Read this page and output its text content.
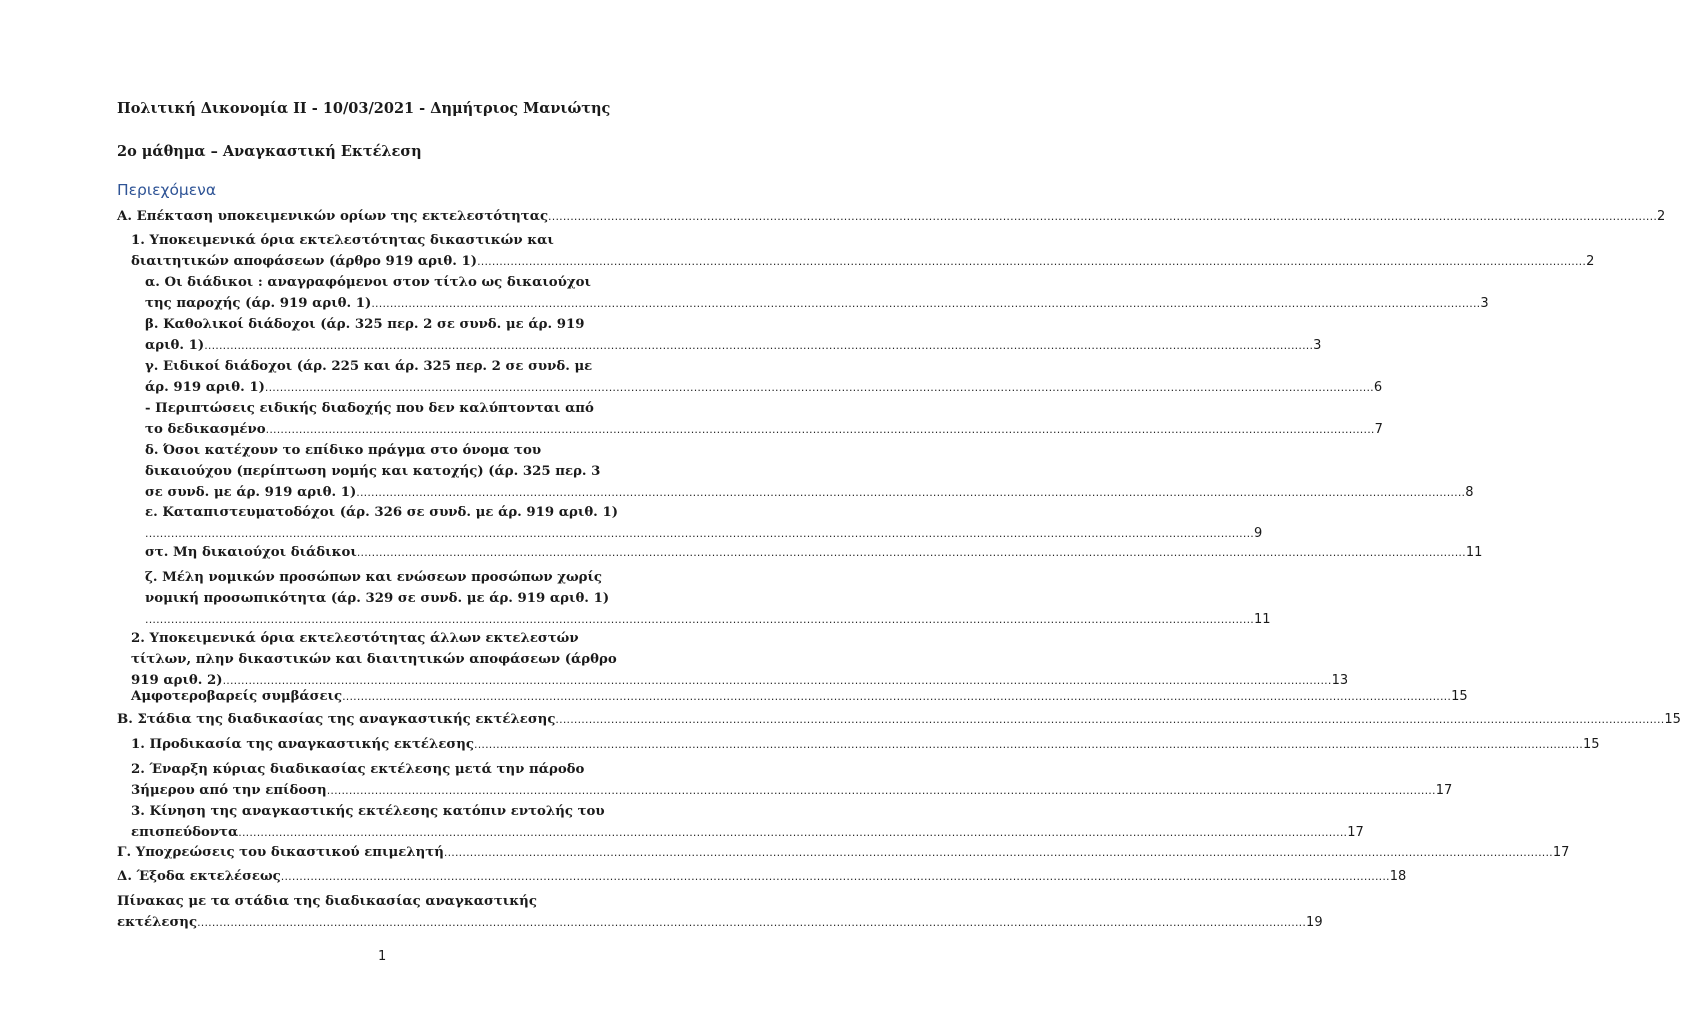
Πολιτική Δικονομία ΙΙ - 10/03/2021 - Δημήτριος Μανιώτης
2ο μάθημα – Αναγκαστική Εκτέλεση
Περιεχόμενα
Α. Επέκταση υποκειμενικών ορίων της εκτελεστότητας ............................................................................................................................................................................................................................................................................................................ 2
1. Υποκειμενικά όρια εκτελεστότητας δικαστικών και
διαιτητικών αποφάσεων (άρθρο 919 αριθ. 1) ............................................................................................................................................................................................................................................................................................................ 2
α. Οι διάδικοι : αναγραφόμενοι στον τίτλο ως δικαιούχοι
της παροχής (άρ. 919 αριθ. 1) ............................................................................................................................................................................................................................................................................................................ 3
β. Καθολικοί διάδοχοι (άρ. 325 περ. 2 σε συνδ. με άρ. 919
αριθ. 1) ............................................................................................................................................................................................................................................................................................................ 3
γ. Ειδικοί διάδοχοι (άρ. 225 και άρ. 325 περ. 2 σε συνδ. με
άρ. 919 αριθ. 1) ............................................................................................................................................................................................................................................................................................................ 6
- Περιπτώσεις ειδικής διαδοχής που δεν καλύπτονται από
το δεδικασμένο ............................................................................................................................................................................................................................................................................................................ 7
δ. Όσοι κατέχουν το επίδικο πράγμα στο όνομα του
δικαιούχου (περίπτωση νομής και κατοχής) (άρ. 325 περ. 3
σε συνδ. με άρ. 919 αριθ. 1) ............................................................................................................................................................................................................................................................................................................ 8
ε. Καταπιστευματοδόχοι (άρ. 326 σε συνδ. με άρ. 919 αριθ. 1)
............................................................................................................................................................................................................................................................................................................ 9
στ. Μη δικαιούχοι διάδικοι ............................................................................................................................................................................................................................................................................................................ 11
ζ. Μέλη νομικών προσώπων και ενώσεων προσώπων χωρίς
νομική προσωπικότητα (άρ. 329 σε συνδ. με άρ. 919 αριθ. 1)
............................................................................................................................................................................................................................................................................................................ 11
2. Υποκειμενικά όρια εκτελεστότητας άλλων εκτελεστών
τίτλων, πλην δικαστικών και διαιτητικών αποφάσεων (άρθρο
919 αριθ. 2) ............................................................................................................................................................................................................................................................................................................ 13
Αμφοτεροβαρείς συμβάσεις ............................................................................................................................................................................................................................................................................................................ 15
Β. Στάδια της διαδικασίας της αναγκαστικής εκτέλεσης ............................................................................................................................................................................................................................................................................................................ 15
1. Προδικασία της αναγκαστικής εκτέλεσης ............................................................................................................................................................................................................................................................................................................ 15
2. Έναρξη κύριας διαδικασίας εκτέλεσης μετά την πάροδο
3ήμερου από την επίδοση ............................................................................................................................................................................................................................................................................................................ 17
3. Κίνηση της αναγκαστικής εκτέλεσης κατόπιν εντολής του
επισπεύδοντα ............................................................................................................................................................................................................................................................................................................ 17
Γ. Υποχρεώσεις του δικαστικού επιμελητή ............................................................................................................................................................................................................................................................................................................ 17
Δ. Έξοδα εκτελέσεως ............................................................................................................................................................................................................................................................................................................ 18
Πίνακας με τα στάδια της διαδικασίας αναγκαστικής
εκτέλεσης ............................................................................................................................................................................................................................................................................................................ 19
1
